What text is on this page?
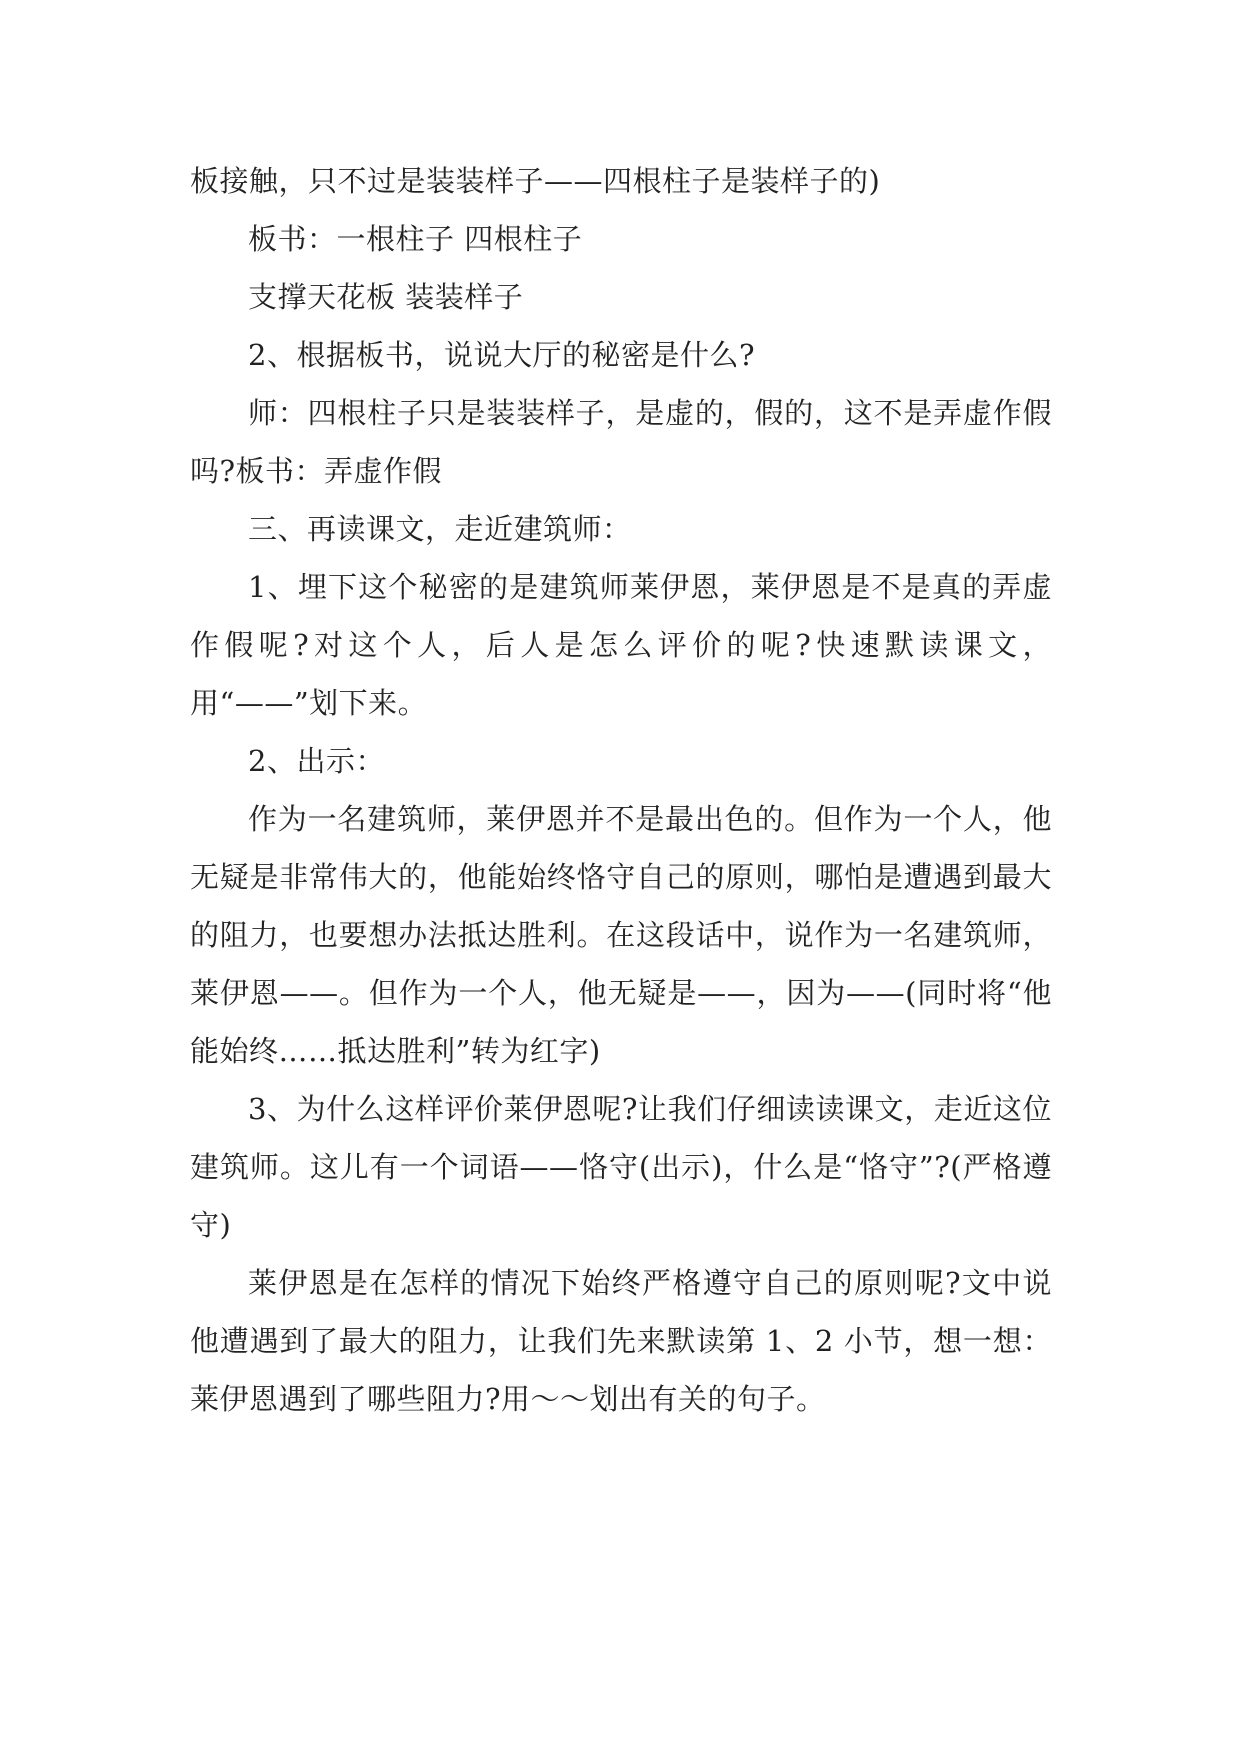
板接触，只不过是装装样子——四根柱子是装样子的)

板书：一根柱子 四根柱子

支撑天花板 装装样子

2、根据板书，说说大厅的秘密是什么?

师：四根柱子只是装装样子，是虚的，假的，这不是弄虚作假吗?板书：弄虚作假

三、再读课文，走近建筑师：

1、埋下这个秘密的是建筑师莱伊恩，莱伊恩是不是真的弄虚作假呢?对这个人，后人是怎么评价的呢?快速默读课文，用“——”划下来。

2、出示：

作为一名建筑师，莱伊恩并不是最出色的。但作为一个人，他无疑是非常伟大的，他能始终恪守自己的原则，哪怕是遭遇到最大的阻力，也要想办法抵达胜利。在这段话中，说作为一名建筑师，莱伊恩——。但作为一个人，他无疑是——，因为——(同时将“他能始终……抵达胜利”转为红字)

3、为什么这样评价莱伊恩呢?让我们仔细读读课文，走近这位建筑师。这儿有一个词语——恪守(出示)，什么是“恪守”?(严格遵守)

莱伊恩是在怎样的情况下始终严格遵守自己的原则呢?文中说他遭遇到了最大的阻力，让我们先来默读第 1、2 小节，想一想：莱伊恩遇到了哪些阻力?用～～划出有关的句子。
